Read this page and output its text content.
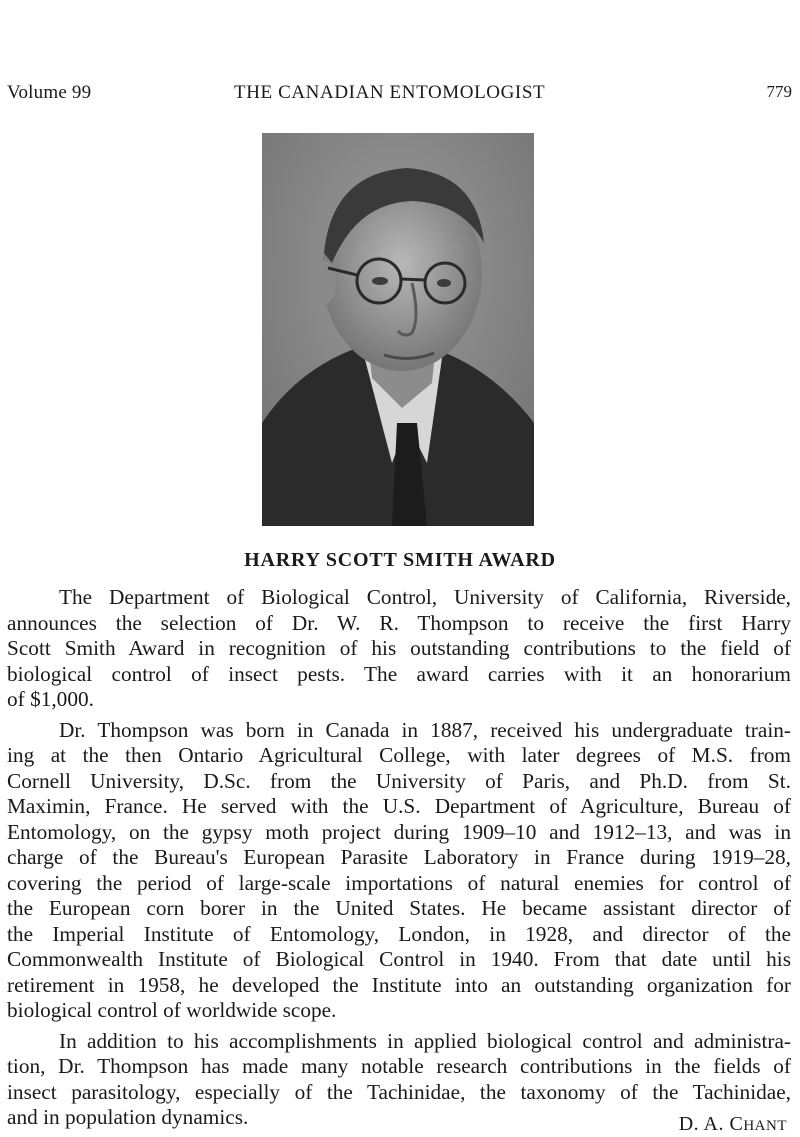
Volume 99	THE CANADIAN ENTOMOLOGIST	779
HARRY SCOTT SMITH AWARD

The Department of Biological Control, University of California, Riverside,
announces the selection of Dr. W. R. Thompson to receive the first Harry
Scott Smith Award in recognition of his outstanding contributions to the field of
biological control of insect pests. The award carries with it an honorarium
of $1,000.

Dr. Thompson was born in Canada in 1887, received his undergraduate train-
ing at the then Ontario Agricultural College, with later degrees of M.S. from
Cornell University, D.Sc. from the University of Paris, and Ph.D. from St.
Maximin, France. He served with the U.S. Department of Agriculture, Bureau of
Entomology, on the gypsy moth project during 1909–10 and 1912–13, and was in
charge of the Bureau's European Parasite Laboratory in France during 1919–28,
covering the period of large-scale importations of natural enemies for control of
the European corn borer in the United States. He became assistant director of
the Imperial Institute of Entomology, London, in 1928, and director of the
Commonwealth Institute of Biological Control in 1940. From that date until his
retirement in 1958, he developed the Institute into an outstanding organization for
biological control of worldwide scope.

In addition to his accomplishments in applied biological control and administra-
tion, Dr. Thompson has made many notable research contributions in the fields of
insect parasitology, especially of the Tachinidae, the taxonomy of the Tachinidae,
and in population dynamics.	D. A. CHANT
